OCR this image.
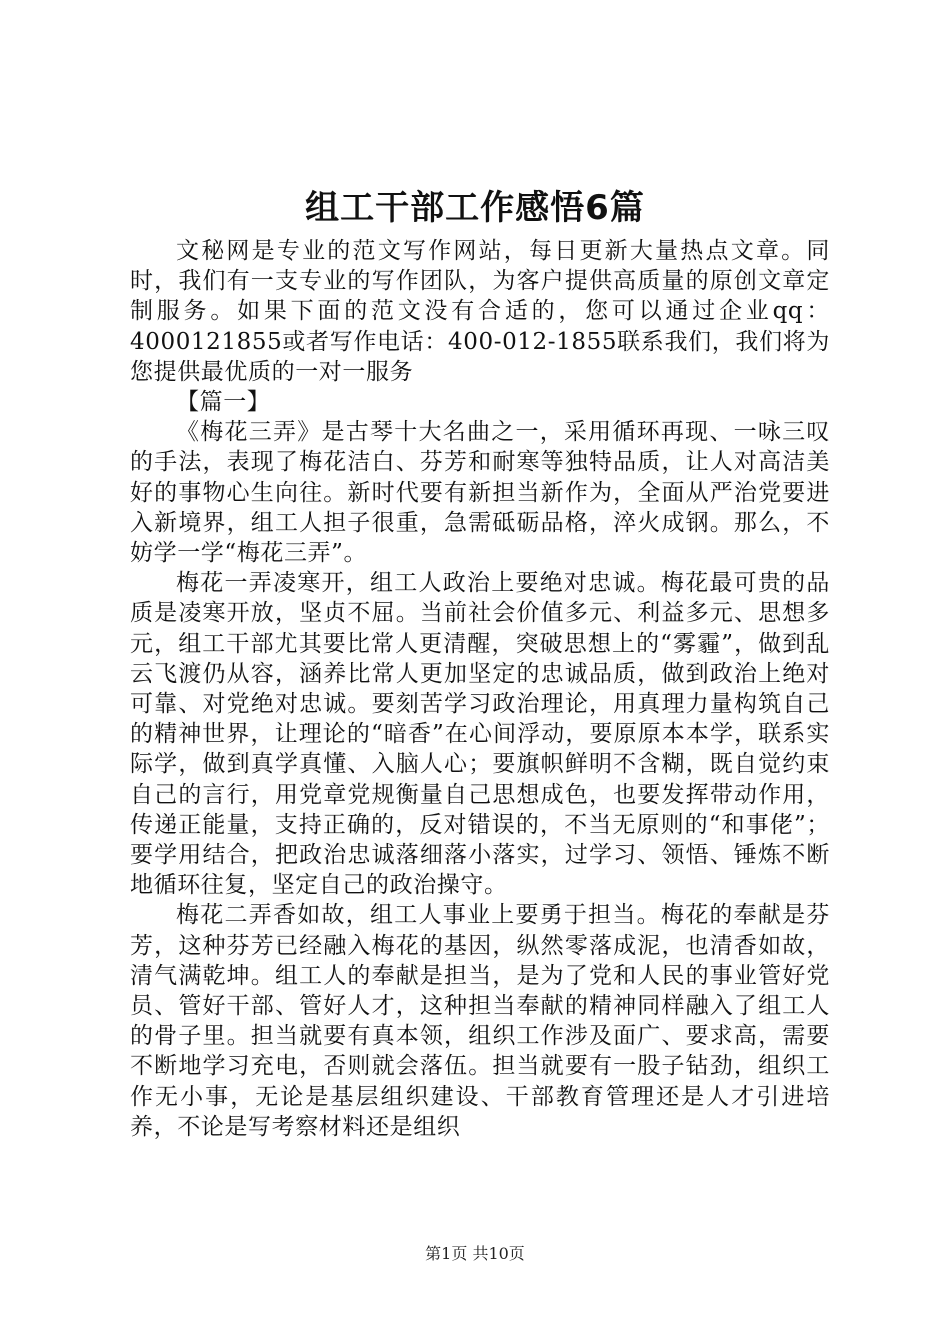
组工干部工作感悟6篇

文秘网是专业的范文写作网站，每日更新大量热点文章。同时，我们有一支专业的写作团队，为客户提供高质量的原创文章定制服务。如果下面的范文没有合适的，您可以通过企业qq：4000121855或者写作电话：400-012-1855联系我们，我们将为您提供最优质的一对一服务

【篇一】

《梅花三弄》是古琴十大名曲之一，采用循环再现、一咏三叹的手法，表现了梅花洁白、芬芳和耐寒等独特品质，让人对高洁美好的事物心生向往。新时代要有新担当新作为，全面从严治党要进入新境界，组工人担子很重，急需砥砺品格，淬火成钢。那么，不妨学一学“梅花三弄”。

梅花一弄凌寒开，组工人政治上要绝对忠诚。梅花最可贵的品质是凌寒开放，坚贞不屈。当前社会价值多元、利益多元、思想多元，组工干部尤其要比常人更清醒，突破思想上的“雾霾”，做到乱云飞渡仍从容，涵养比常人更加坚定的忠诚品质，做到政治上绝对可靠、对党绝对忠诚。要刻苦学习政治理论，用真理力量构筑自己的精神世界，让理论的“暗香”在心间浮动，要原原本本学，联系实际学，做到真学真懂、入脑人心；要旗帜鲜明不含糊，既自觉约束自己的言行，用党章党规衡量自己思想成色，也要发挥带动作用，传递正能量，支持正确的，反对错误的，不当无原则的“和事佬”；要学用结合，把政治忠诚落细落小落实，过学习、领悟、锤炼不断地循环往复，坚定自己的政治操守。

梅花二弄香如故，组工人事业上要勇于担当。梅花的奉献是芬芳，这种芬芳已经融入梅花的基因，纵然零落成泥，也清香如故，清气满乾坤。组工人的奉献是担当，是为了党和人民的事业管好党员、管好干部、管好人才，这种担当奉献的精神同样融入了组工人的骨子里。担当就要有真本领，组织工作涉及面广、要求高，需要不断地学习充电，否则就会落伍。担当就要有一股子钻劲，组织工作无小事，无论是基层组织建设、干部教育管理还是人才引进培养，不论是写考察材料还是组织

第1页 共10页
